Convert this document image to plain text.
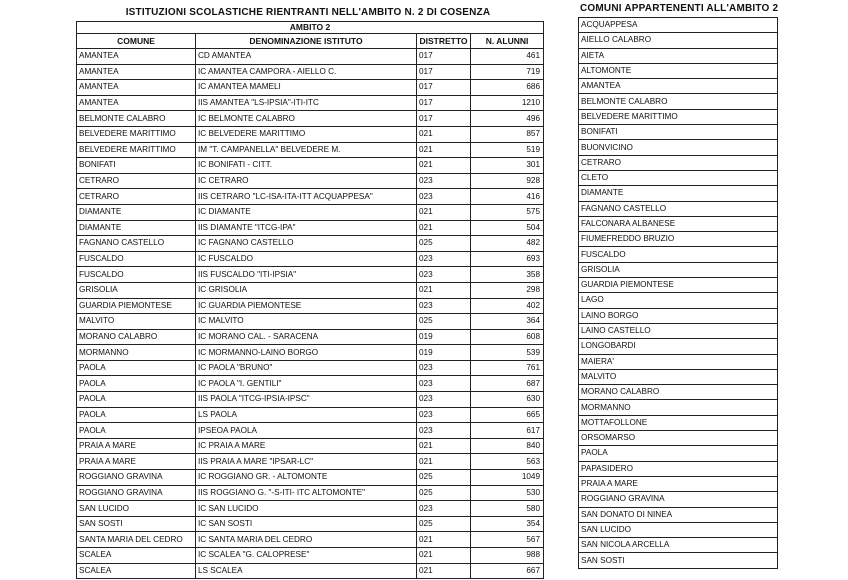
ISTITUZIONI SCOLASTICHE RIENTRANTI NELL'AMBITO N. 2 DI COSENZA
AMBITO 2			
COMUNE	DENOMINAZIONE ISTITUTO	DISTRETTO	N. ALUNNI
AMANTEA	CD AMANTEA	017	461
AMANTEA	IC AMANTEA CAMPORA - AIELLO C.	017	719
AMANTEA	IC AMANTEA MAMELI	017	686
AMANTEA	IIS AMANTEA "LS-IPSIA"-ITI-ITC	017	1210
BELMONTE CALABRO	IC BELMONTE CALABRO	017	496
BELVEDERE MARITTIMO	IC BELVEDERE MARITTIMO	021	857
BELVEDERE MARITTIMO	IM "T. CAMPANELLA" BELVEDERE M.	021	519
BONIFATI	IC BONIFATI - CITT.	021	301
CETRARO	IC CETRARO	023	928
CETRARO	IIS CETRARO "LC-ISA-ITA-ITT ACQUAPPESA"	023	416
DIAMANTE	IC DIAMANTE	021	575
DIAMANTE	IIS DIAMANTE "ITCG-IPA"	021	504
FAGNANO CASTELLO	IC FAGNANO CASTELLO	025	482
FUSCALDO	IC FUSCALDO	023	693
FUSCALDO	IIS FUSCALDO "ITI-IPSIA"	023	358
GRISOLIA	IC GRISOLIA	021	298
GUARDIA PIEMONTESE	IC GUARDIA PIEMONTESE	023	402
MALVITO	IC MALVITO	025	364
MORANO CALABRO	IC MORANO CAL. - SARACENA	019	608
MORMANNO	IC MORMANNO-LAINO BORGO	019	539
PAOLA	IC PAOLA "BRUNO"	023	761
PAOLA	IC PAOLA "I. GENTILI"	023	687
PAOLA	IIS PAOLA "ITCG-IPSIA-IPSC"	023	630
PAOLA	LS PAOLA	023	665
PAOLA	IPSEOA PAOLA	023	617
PRAIA A MARE	IC PRAIA A MARE	021	840
PRAIA A MARE	IIS PRAIA A MARE "IPSAR-LC"	021	563
ROGGIANO GRAVINA	IC ROGGIANO GR. - ALTOMONTE	025	1049
ROGGIANO GRAVINA	IIS ROGGIANO G. "-S-ITI- ITC ALTOMONTE"	025	530
SAN LUCIDO	IC SAN LUCIDO	023	580
SAN SOSTI	IC SAN SOSTI	025	354
SANTA MARIA DEL CEDRO	IC SANTA MARIA DEL CEDRO	021	567
SCALEA	IC SCALEA "G. CALOPRESE"	021	988
SCALEA	LS SCALEA	021	667
COMUNI APPARTENENTI ALL'AMBITO 2
ACQUAPPESA
AIELLO CALABRO
AIETA
ALTOMONTE
AMANTEA
BELMONTE CALABRO
BELVEDERE MARITTIMO
BONIFATI
BUONVICINO
CETRARO
CLETO
DIAMANTE
FAGNANO CASTELLO
FALCONARA ALBANESE
FIUMEFREDDO BRUZIO
FUSCALDO
GRISOLIA
GUARDIA PIEMONTESE
LAGO
LAINO BORGO
LAINO CASTELLO
LONGOBARDI
MAIERA'
MALVITO
MORANO CALABRO
MORMANNO
MOTTAFOLLONE
ORSOMARSO
PAOLA
PAPASIDERO
PRAIA A MARE
ROGGIANO GRAVINA
SAN DONATO DI NINEA
SAN LUCIDO
SAN NICOLA ARCELLA
SAN SOSTI
